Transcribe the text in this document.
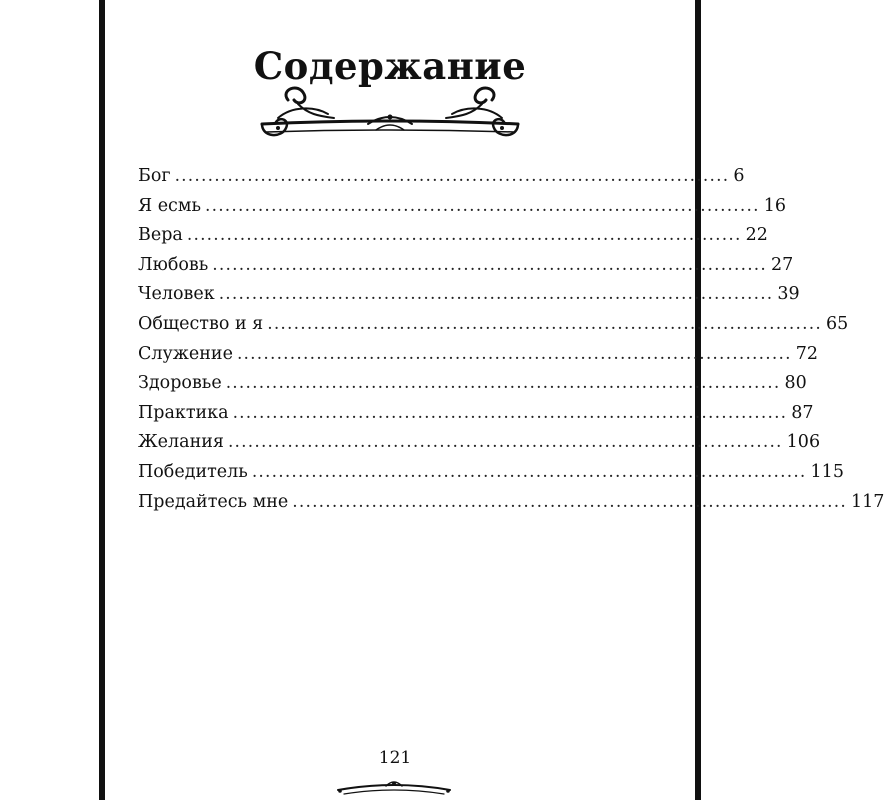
Содержание
Бог .................................................................................... 6
Я есмь .................................................................................... 16
Вера .................................................................................... 22
Любовь .................................................................................... 27
Человек .................................................................................... 39
Общество и я .................................................................................... 65
Служение .................................................................................... 72
Здоровье .................................................................................... 80
Практика .................................................................................... 87
Желания .................................................................................... 106
Победитель .................................................................................... 115
Предайтесь мне .................................................................................... 117
121
